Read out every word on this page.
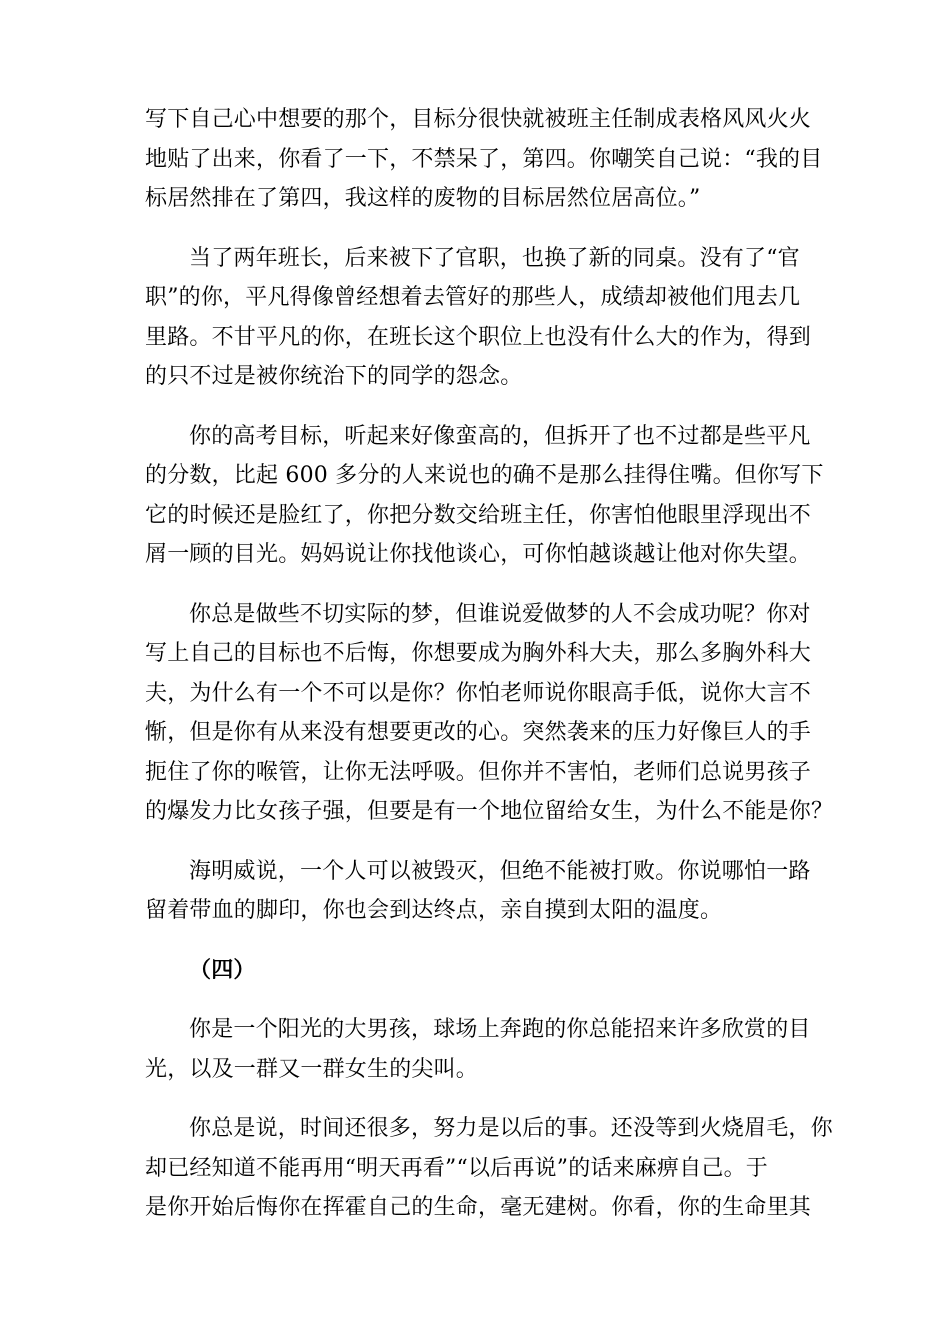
写下自己心中想要的那个，目标分很快就被班主任制成表格风风火火
地贴了出来，你看了一下，不禁呆了，第四。你嘲笑自己说：“我的目
标居然排在了第四，我这样的废物的目标居然位居高位。”

当了两年班长，后来被下了官职，也换了新的同桌。没有了“官
职”的你，平凡得像曾经想着去管好的那些人，成绩却被他们甩去几
里路。不甘平凡的你，在班长这个职位上也没有什么大的作为，得到
的只不过是被你统治下的同学的怨念。

你的高考目标，听起来好像蛮高的，但拆开了也不过都是些平凡
的分数，比起 600 多分的人来说也的确不是那么挂得住嘴。但你写下
它的时候还是脸红了，你把分数交给班主任，你害怕他眼里浮现出不
屑一顾的目光。妈妈说让你找他谈心，可你怕越谈越让他对你失望。

你总是做些不切实际的梦，但谁说爱做梦的人不会成功呢？你对
写上自己的目标也不后悔，你想要成为胸外科大夫，那么多胸外科大
夫，为什么有一个不可以是你？你怕老师说你眼高手低，说你大言不
惭，但是你有从来没有想要更改的心。突然袭来的压力好像巨人的手
扼住了你的喉管，让你无法呼吸。但你并不害怕，老师们总说男孩子
的爆发力比女孩子强，但要是有一个地位留给女生，为什么不能是你？

海明威说，一个人可以被毁灭，但绝不能被打败。你说哪怕一路
留着带血的脚印，你也会到达终点，亲自摸到太阳的温度。

（四）

你是一个阳光的大男孩，球场上奔跑的你总能招来许多欣赏的目
光，以及一群又一群女生的尖叫。

你总是说，时间还很多，努力是以后的事。还没等到火烧眉毛，你
却已经知道不能再用“明天再看”“以后再说”的话来麻痹自己。于
是你开始后悔你在挥霍自己的生命，毫无建树。你看，你的生命里其
